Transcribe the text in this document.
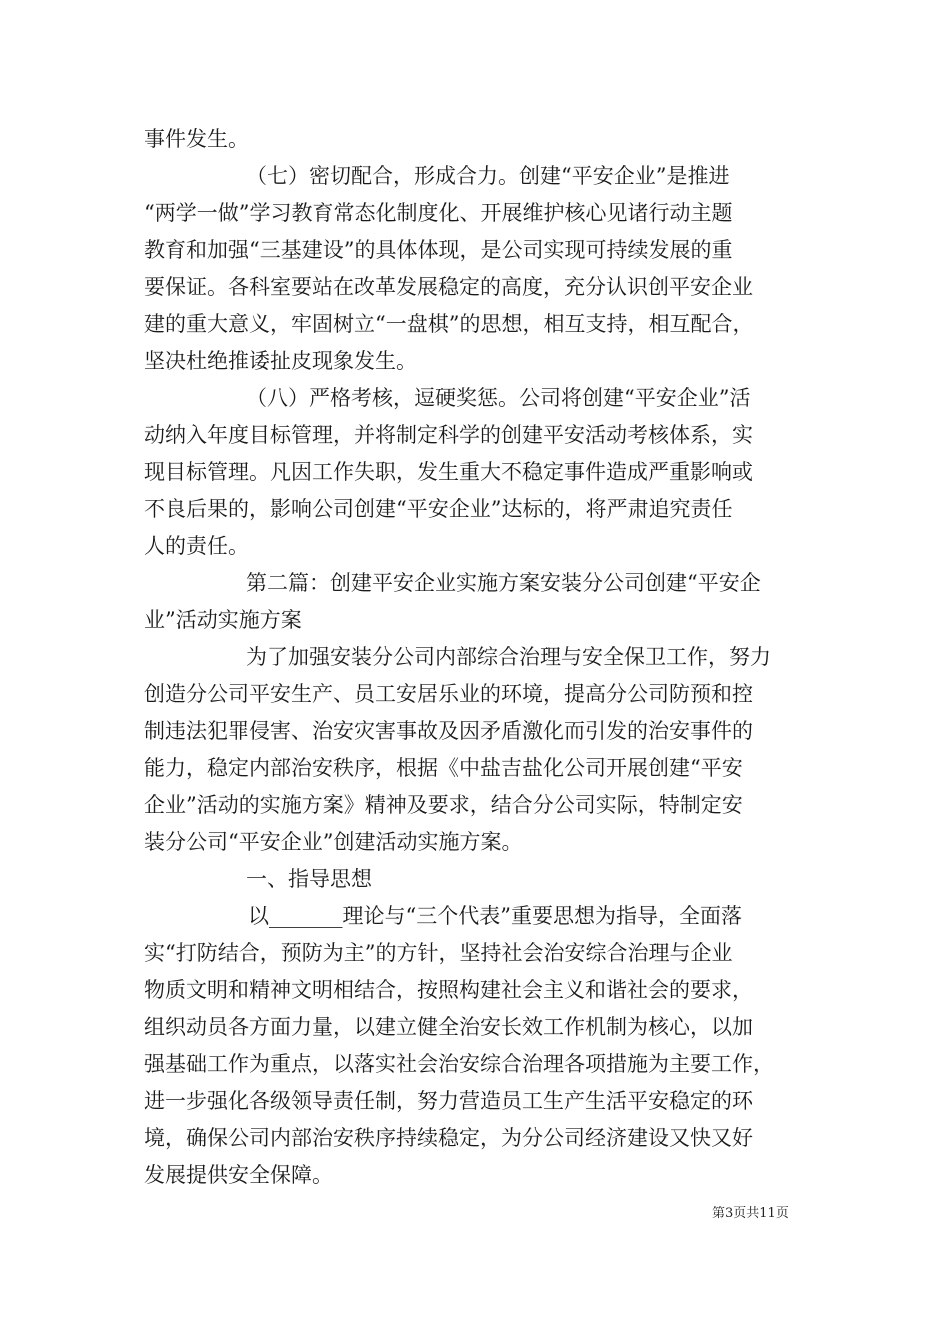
事件发生。
（七）密切配合，形成合力。创建“平安企业”是推进
“两学一做”学习教育常态化制度化、开展维护核心见诸行动主题
教育和加强“三基建设”的具体体现，是公司实现可持续发展的重
要保证。各科室要站在改革发展稳定的高度，充分认识创平安企业
建的重大意义，牢固树立“一盘棋”的思想，相互支持，相互配合，
坚决杜绝推诿扯皮现象发生。
（八）严格考核，逗硬奖惩。公司将创建“平安企业”活
动纳入年度目标管理，并将制定科学的创建平安活动考核体系，实
现目标管理。凡因工作失职，发生重大不稳定事件造成严重影响或
不良后果的，影响公司创建“平安企业”达标的，将严肃追究责任
人的责任。
第二篇：创建平安企业实施方案安装分公司创建“平安企
业”活动实施方案
为了加强安装分公司内部综合治理与安全保卫工作，努力
创造分公司平安生产、员工安居乐业的环境，提高分公司防预和控
制违法犯罪侵害、治安灾害事故及因矛盾激化而引发的治安事件的
能力，稳定内部治安秩序，根据《中盐吉盐化公司开展创建“平安
企业”活动的实施方案》精神及要求，结合分公司实际，特制定安
装分公司“平安企业”创建活动实施方案。
一、指导思想
以_______理论与“三个代表”重要思想为指导，全面落
实“打防结合，预防为主”的方针，坚持社会治安综合治理与企业
物质文明和精神文明相结合，按照构建社会主义和谐社会的要求，
组织动员各方面力量，以建立健全治安长效工作机制为核心，以加
强基础工作为重点，以落实社会治安综合治理各项措施为主要工作，
进一步强化各级领导责任制，努力营造员工生产生活平安稳定的环
境，确保公司内部治安秩序持续稳定，为分公司经济建设又快又好
发展提供安全保障。
第3页共11页
